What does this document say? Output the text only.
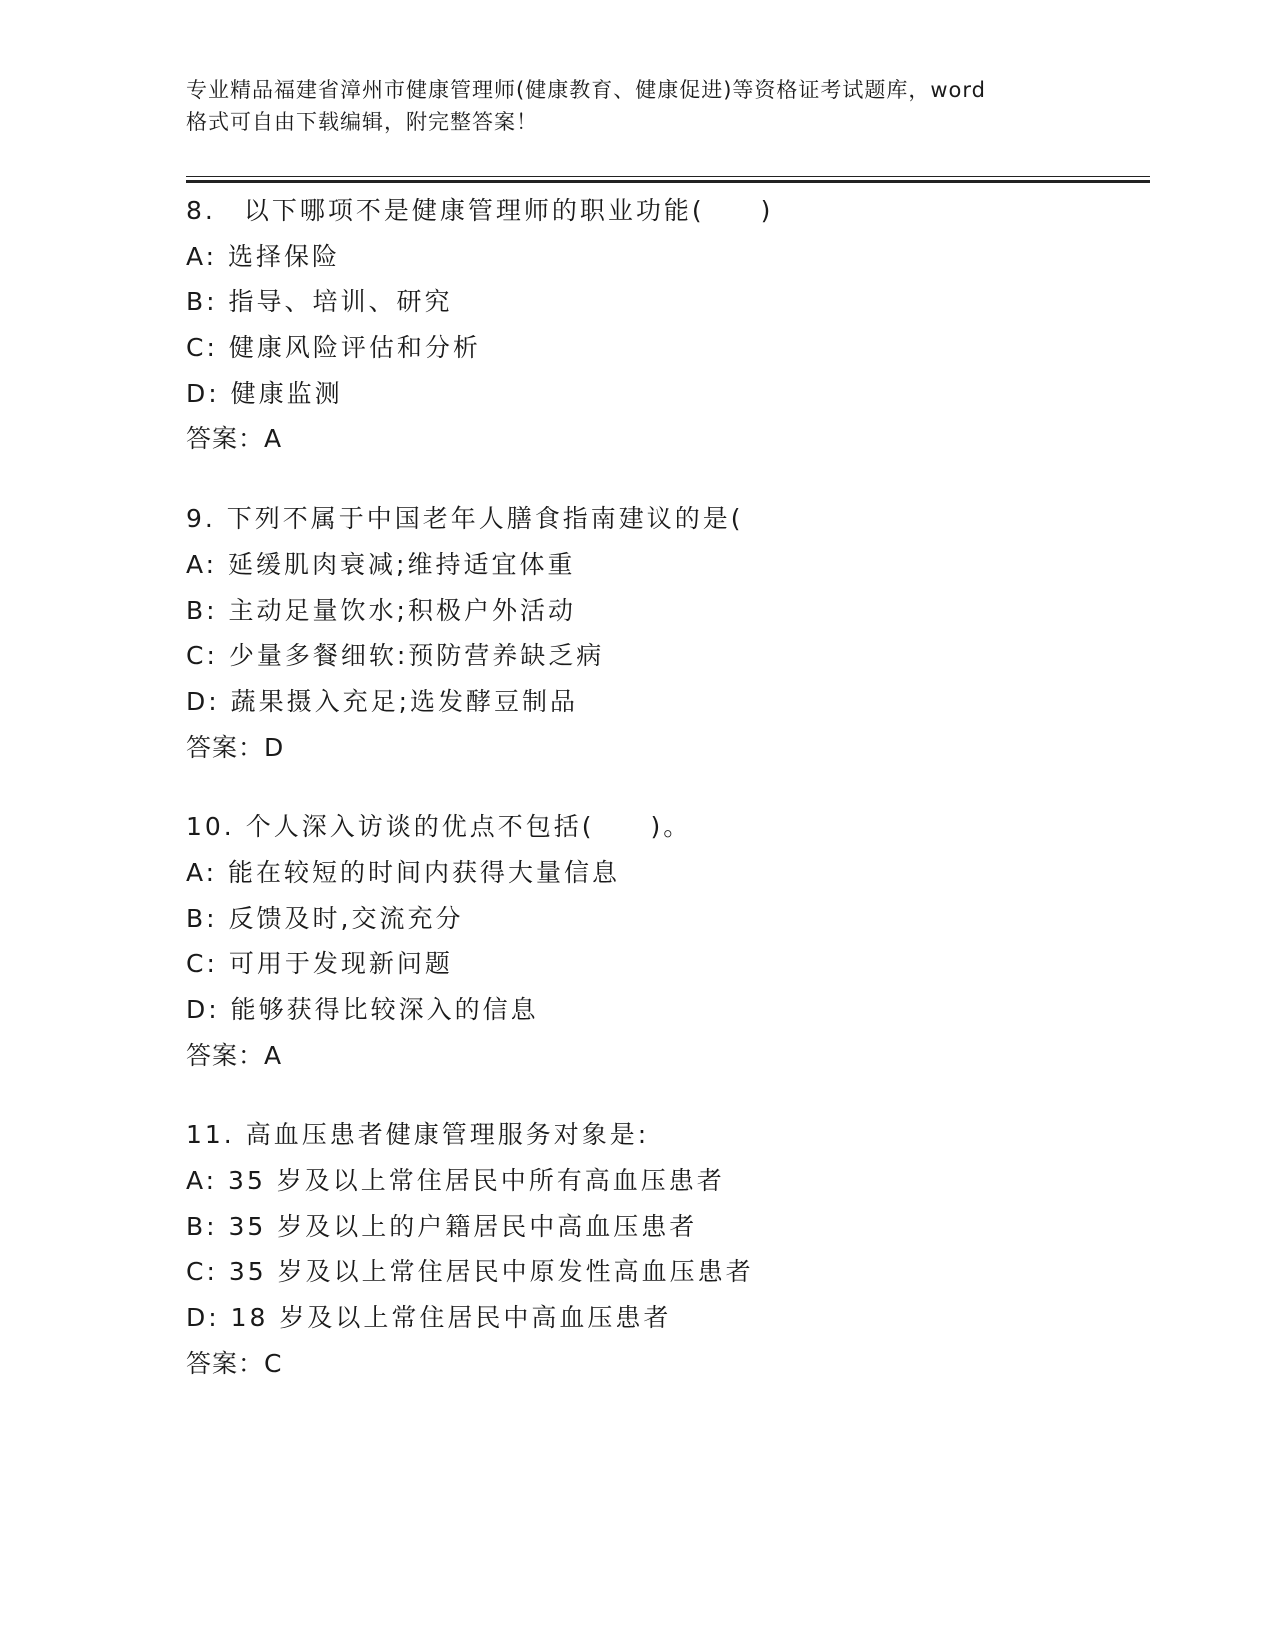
专业精品福建省漳州市健康管理师(健康教育、健康促进)等资格证考试题库，word
格式可自由下载编辑，附完整答案！
8.　以下哪项不是健康管理师的职业功能(　　)
A: 选择保险
B: 指导、培训、研究
C: 健康风险评估和分析
D: 健康监测
答案：A
9. 下列不属于中国老年人膳食指南建议的是(
A: 延缓肌肉衰减;维持适宜体重
B: 主动足量饮水;积极户外活动
C: 少量多餐细软:预防营养缺乏病
D: 蔬果摄入充足;选发酵豆制品
答案：D
10. 个人深入访谈的优点不包括(　　)。
A: 能在较短的时间内获得大量信息
B: 反馈及时,交流充分
C: 可用于发现新问题
D: 能够获得比较深入的信息
答案：A
11. 高血压患者健康管理服务对象是:
A: 35 岁及以上常住居民中所有高血压患者
B: 35 岁及以上的户籍居民中高血压患者
C: 35 岁及以上常住居民中原发性高血压患者
D: 18 岁及以上常住居民中高血压患者
答案：C
